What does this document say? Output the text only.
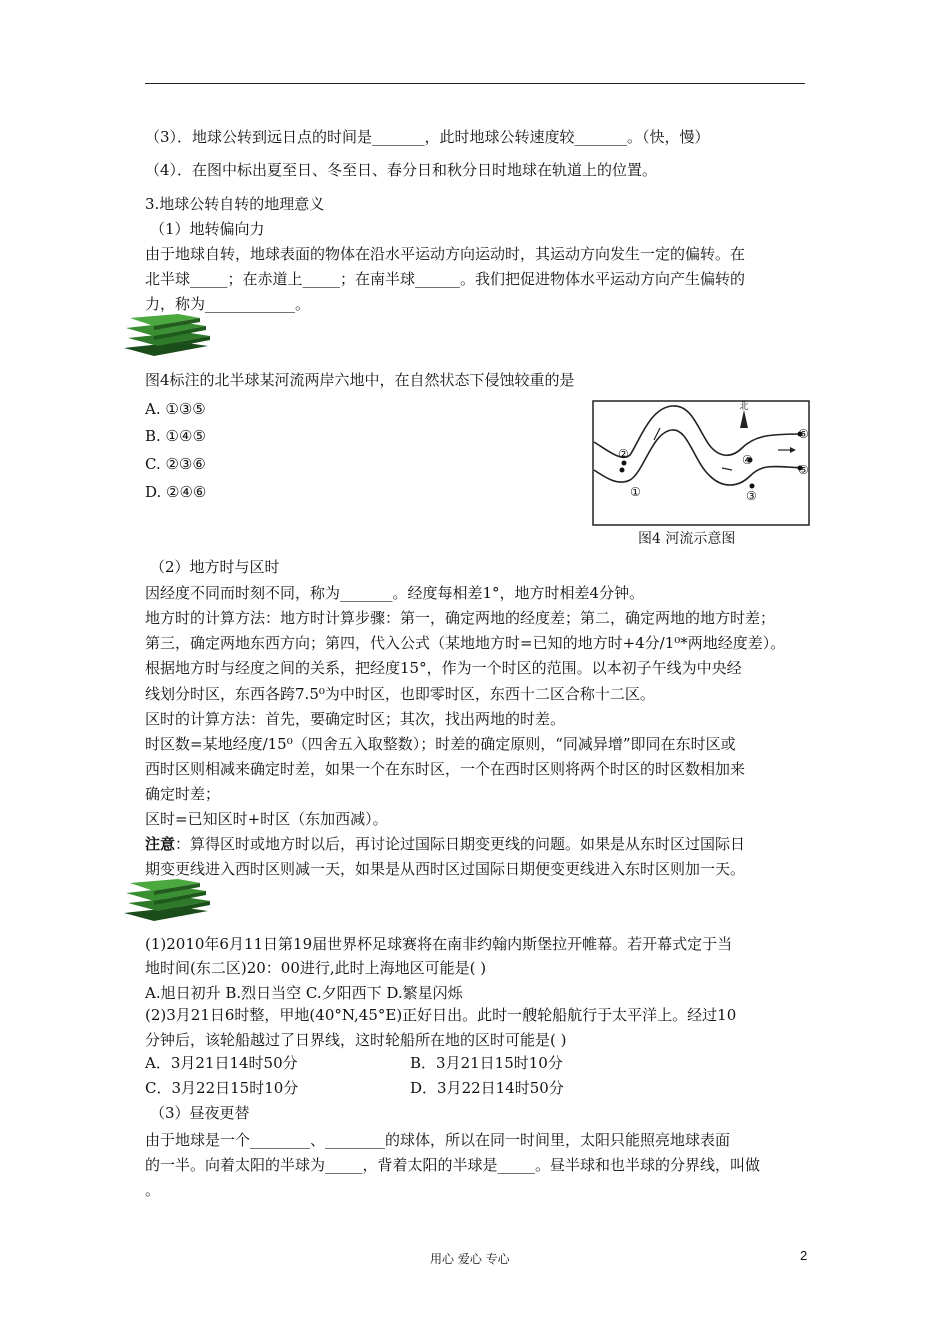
（3）．地球公转到远日点的时间是_______，此时地球公转速度较_______。（快，慢）
（4）．在图中标出夏至日、冬至日、春分日和秋分日时地球在轨道上的位置。
3.地球公转自转的地理意义
（1）地转偏向力
由于地球自转，地球表面的物体在沿水平运动方向运动时，其运动方向发生一定的偏转。在
北半球_____；在赤道上_____；在南半球______。我们把促进物体水平运动方向产生偏转的
力，称为____________。
图4标注的北半球某河流两岸六地中，在自然状态下侵蚀较重的是
A. ①③⑤
B. ①④⑤
C. ②③⑥
D. ②④⑥
北
①
②
③
④
⑤
⑥
图4 河流示意图
（2）地方时与区时
因经度不同而时刻不同，称为_______。经度每相差1°，地方时相差4分钟。
地方时的计算方法：地方时计算步骤：第一，确定两地的经度差；第二，确定两地的地方时差；
第三，确定两地东西方向；第四，代入公式（某地地方时=已知的地方时+4分/1⁰*两地经度差）。
根据地方时与经度之间的关系，把经度15°，作为一个时区的范围。以本初子午线为中央经
线划分时区，东西各跨7.5⁰为中时区，也即零时区，东西十二区合称十二区。
区时的计算方法：首先，要确定时区；其次，找出两地的时差。
时区数=某地经度/15⁰（四舍五入取整数）；时差的确定原则，“同减异增”即同在东时区或
西时区则相减来确定时差，如果一个在东时区，一个在西时区则将两个时区的时区数相加来
确定时差；
区时=已知区时+时区（东加西减）。
注意：算得区时或地方时以后，再讨论过国际日期变更线的问题。如果是从东时区过国际日
期变更线进入西时区则减一天，如果是从西时区过国际日期便变更线进入东时区则加一天。
(1)2010年6月11日第19届世界杯足球赛将在南非约翰内斯堡拉开帷幕。若开幕式定于当
地时间(东二区)20：00进行,此时上海地区可能是( )
A.旭日初升 B.烈日当空 C.夕阳西下 D.繁星闪烁
(2)3月21日6时整，甲地(40°N,45°E)正好日出。此时一艘轮船航行于太平洋上。经过10
分钟后，该轮船越过了日界线，这时轮船所在地的区时可能是( )
A．3月21日14时50分	B．3月21日15时10分
C．3月22日15时10分	D．3月22日14时50分
（3）昼夜更替
由于地球是一个________、________的球体，所以在同一时间里，太阳只能照亮地球表面
的一半。向着太阳的半球为_____，背着太阳的半球是_____。昼半球和也半球的分界线，叫做
。
用心 爱心 专心	2
